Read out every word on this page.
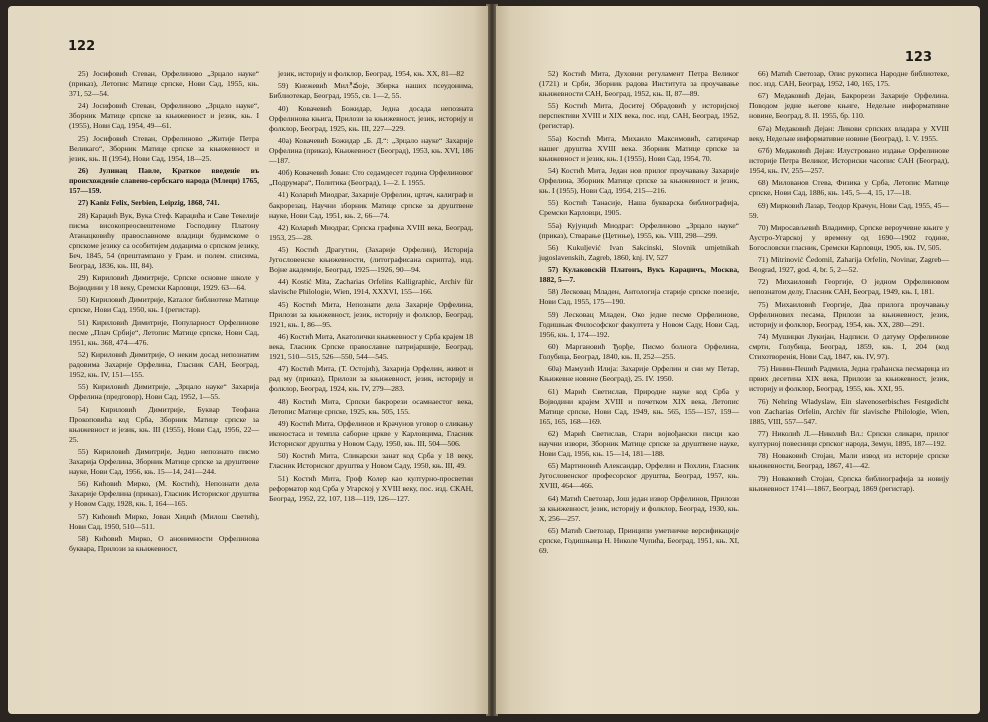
122

25) Јосифовић Стеван, Орфелиново „Зрцало науке“ (приказ), Летопис Матице српске, Нови Сад, 1955, књ. 371, 52—54.

24) Јосифовић Стеван, Орфелиново „Зрцало науке“, Зборник Матице српске за књижевност и језик, књ. I (1955), Нови Сад, 1954, 49—61.

25) Јосифовић Стеван, Орфелиново „Житије Петра Великаго“, Зборник Матице српске за књижевност и језик, књ. II (1954), Нови Сад, 1954, 18—25.

26) Јулинац Павле, Краткое введеніе въ происхожденіе славено-сербскаго народа (Млеци) 1765, 157—159.

27) Kaniz Felix, Serbien, Leipzig, 1868, 741.

28) Караџић Вук, Вука Стеф. Караџића и Саве Текелије писма високопреосвештеноме Господину Платону Атанацковићу православноме владици будимскоме о српскоме језику са особитијем додацима о српском језику, Беч, 1845, 54 (прештампано у Грам. и полем. списима, Београд, 1836, књ. III, 84).

29) Кириловић Димитрије, Српске основне школе у Војводини у 18 веку, Сремски Карловци, 1929. 63—64.

50) Кириловић Димитрије, Каталог библиотеке Матице српске, Нови Сад, 1950, књ. I (регистар).

51) Кириловић Димитрије, Популарност Орфелинове песме „Плач Србије“, Летопис Матице српске, Нови Сад, 1951, књ. 368, 474—476.

52) Кириловић Димитрије, О неким досад непознатим радовима Захарије Орфелина, Гласник САН, Београд, 1952, књ. IV, 151—155.

55) Кириловић Димитрије, „Зрцало науке“ Захарија Орфелина (предговор), Нови Сад, 1952, 1—55.

54) Кириловић Димитрије, Буквар Теофана Прокоповића код Срба, Зборник Матице српске за књижевност и језик, књ. III (1955), Нови Сад, 1956, 22—25.

55) Кириловић Димитрије, Једно непознато писмо Захарија Орфелина, Зборник Матице српске за друштвене науке, Нови Сад, 1956, књ. 15—14, 241—244.

56) Кићовић Мирко, (М. Костић), Непознати дела Захарије Орфелина (приказ), Гласник Историског друштва у Новом Саду, 1928, књ. I, 164—165.

57) Кићовић Мирко, Јован Хиџић (Милош Светић), Нови Сад, 1950, 510—511.

58) Кићовић Мирко, О анонимности Орфелинова буквара, Прилози за књижевност,

језик, историју и фолклор, Београд, 1954, књ. XX, 81—82

59) Кнежевић Милివоје, Збирка наших псеудонима, Библиотекар, Београд, 1955, св. 1—2, 55.

40) Ковачевић Божидар, Једна досада непозната Орфелинова књига, Прилози за књижевност, језик, историју и фолклор, Београд, 1925, књ. III, 227—229.

40а) Ковачевић Божидар „Б. Д.“: „Зрцало науке“ Захарије Орфелина (приказ), Књижевност (Београд), 1953, књ. XVI, 186—187.

40б) Ковачевић Јован: Сто седамдесет година Орфелиновог „Подрумара“, Политика (Београд), 1—2. I. 1955.

41) Коларић Миодраг, Захарије Орфелин, цртач, калиграф и бакрорезац, Научни зборник Матице српске за друштвене науке, Нови Сад, 1951, књ. 2, 66—74.

42) Коларић Миодраг, Српска графика XVIII века, Београд, 1953, 25—28.

45) Костић Драгутин, (Захарије Орфелин), Историја Југословенске књижевности, (литографисана скрипта), изд. Војне академије, Београд, 1925—1926, 90—94.

44) Kostić Mita, Zacharias Orfelins Kalligraphic, Archiv für slavische Philologie, Wien, 1914, XXXVI, 155—166.

45) Костић Мита, Непознати дела Захарије Орфелина, Прилози за књижевност, језик, историју и фолклор, Београд, 1921, књ. I, 86—95.

46) Костић Мита, Акатолички књижевност у Срба крајем 18 века, Гласник Српске православне патријаршије, Београд, 1921, 510—515, 526—550, 544—545.

47) Костић Мита, (Т. Остојић), Захарија Орфелин, живот и рад му (приказ), Прилози за књижевност, језик, историју и фолклор, Београд, 1924, књ. IV, 279—283.

48) Костић Мита, Српски бакрорези осамнаестог века, Летопис Матице српске, 1925, књ. 505, 155.

49) Костић Мита, Орфелинов и Крачунов уговор о сликању иконостаса и темпла саборне цркве у Карловцима, Гласник Историског друштва у Новом Саду, 1950, књ. III, 504—506.

50) Костић Мита, Сликарски занат код Срба у 18 веку, Гласник Историског друштва у Новом Саду, 1950, књ. III, 49.

51) Костић Мита, Гроф Колер као културно-просветни реформатор код Срба у Угарској у XVIII веку, пос. изд. СКАН, Београд, 1952, 22, 107, 118—119, 126—127.

123

52) Костић Мита, Духовни регуламент Петра Великог (1721) и Срби, Зборник радова Института за проучавање књижевности САН, Београд, 1952, књ. II, 87—89.

55) Костић Мита, Доситеј Обрадовић у историјској перспективи XVIII и XIX века, пос. изд. САН, Београд, 1952, (регистар).

55а) Костић Мита, Михаило Максимовић, сатиричар нашег друштва XVIII века. Зборник Матице српске за књижевност и језик, књ. I (1955), Нови Сад, 1954, 70.

54) Костић Мита, Један нов прилог проучавању Захарије Орфелина, Зборник Матице српске за књижевност и језик, књ. I (1955), Нови Сад, 1954, 215—216.

55) Костић Танасије, Наша букварска библиографија, Сремски Карловци, 1905.

55а) Кујунџић Миодраг: Орфелиново „Зрцало науке“ (приказ), Стварање (Цетиње), 1955, књ. VIII, 298—299.

56) Kukuljević Ivan Sakcinski, Slovnik umjetnikah jugoslavenskih, Zagreb, 1860, knj. IV, 527

57) Кулаковскій Платонъ, Вукъ Караџичъ, Москва, 1882, 5—7.

58) Лесковац Младен, Антологија старије српске поезије, Нови Сад, 1955, 175—190.

59) Лесковац Младен, Око једне песме Орфелинове, Годишњак Философског факултета у Новом Саду, Нови Сад, 1956, књ. I, 174—192.

60) Маргановић Ђорђе, Писмо болнога Орфелина, Голубица, Београд, 1840, књ. II, 252—255.

60а) Мамузић Илија: Захарије Орфелин и сни му Петар, Књижевне новине (Београд), 25. IV. 1950.

61) Марић Светислав, Природне науке код Срба у Војводини крајем XVIII и почетком XIX века, Летопис Матице српске, Нови Сад, 1949, књ. 565, 155—157, 159—165, 165, 168—169.

62) Марић Светислав, Стари војвођански писци као научни извори, Зборник Матице српске за друштвене науке, Нови Сад, 1956, књ. 15—14, 181—188.

65) Мартиновић Александар, Орфелин и Похлин, Гласник Југословенског професорског друштва, Београд, 1957, књ. XVIII, 464—466.

64) Матић Светозар, Још један извор Орфелинов, Прилози за књижевност, језик, историју и фолклор, Београд, 1930, књ. X, 256—257.

65) Матић Светозар, Принципи уметничке версификације српске, Годишњица Н. Николе Чупића, Београд, 1951, књ. XI, 69.

66) Матић Светозар, Опис рукописа Народне библиотеке, пос. изд. САН, Београд, 1952, 140, 165, 175.

67) Медаковић Дејан, Бакрорези Захарије Орфелина. Поводом једне његове књиге, Недељне информативне новине, Београд, 8. II. 1955, бр. 110.

67а) Медаковић Дејан: Ликови српских владара у XVIII веку, Недељне информативне новине (Београд), 1. V. 1955.

67б) Медаковић Дејан: Илустровано издање Орфелинове историје Петра Великог, Историски часопис САН (Београд), 1954, књ. IV, 255—257.

68) Милованов Стева, Физика у Срба, Летопис Матице српске, Нови Сад, 1886, књ. 145, 5—4, 15, 17—18.

69) Мирковић Лазар, Теодор Крачун, Нови Сад, 1955, 45—59.

70) Миросављевић Владимир, Српске вероучевне књиге у Аустро-Угарској у времену од 1690—1902 године, Богословски гласник, Сремски Карловци, 1905, књ. IV, 505.

71) Mitrinović Čedomil, Zaharija Orfelin, Novinar, Zagreb—Beograd, 1927, god. 4, br. 5, 2—52.

72) Михаиловић Георгије, О једном Орфелиновом непознатом делу, Гласник САН, Београд, 1949, књ. I, 181.

75) Михаиловић Георгије, Два прилога проучавању Орфелинових песама, Прилози за књижевност, језик, историју и фолклор, Београд, 1954, књ. XX, 280—291.

74) Мушицки Лукијан, Надписи. О датуму Орфелинове смрти, Голубица, Београд, 1859, књ. I, 204 (код Стихотворенія, Нови Сад, 1847, књ. IV, 97).

75) Нинин-Пешић Радмила, Једна граћанска песмарица из првих десетина XIX века, Прилози за књижевност, језик, историју и фолклор, Београд, 1955, књ. XXI, 95.

76) Nehring Wladyslaw, Ein slavenoserbisches Festgedicht von Zacharias Orfelin, Archiv für slavische Philologie, Wien, 1885, VIII, 557—547.

77) Николић Л.—Николић Вл.: Српски сликари, прилог културној повесници српског народа, Земун, 1895, 187—192.

78) Новаковић Стојан, Мали извод из историје српске књижевности, Београд, 1867, 41—42.

79) Новаковић Стојан, Српска библиографија за новију књижевност 1741—1867, Београд, 1869 (регистар).
